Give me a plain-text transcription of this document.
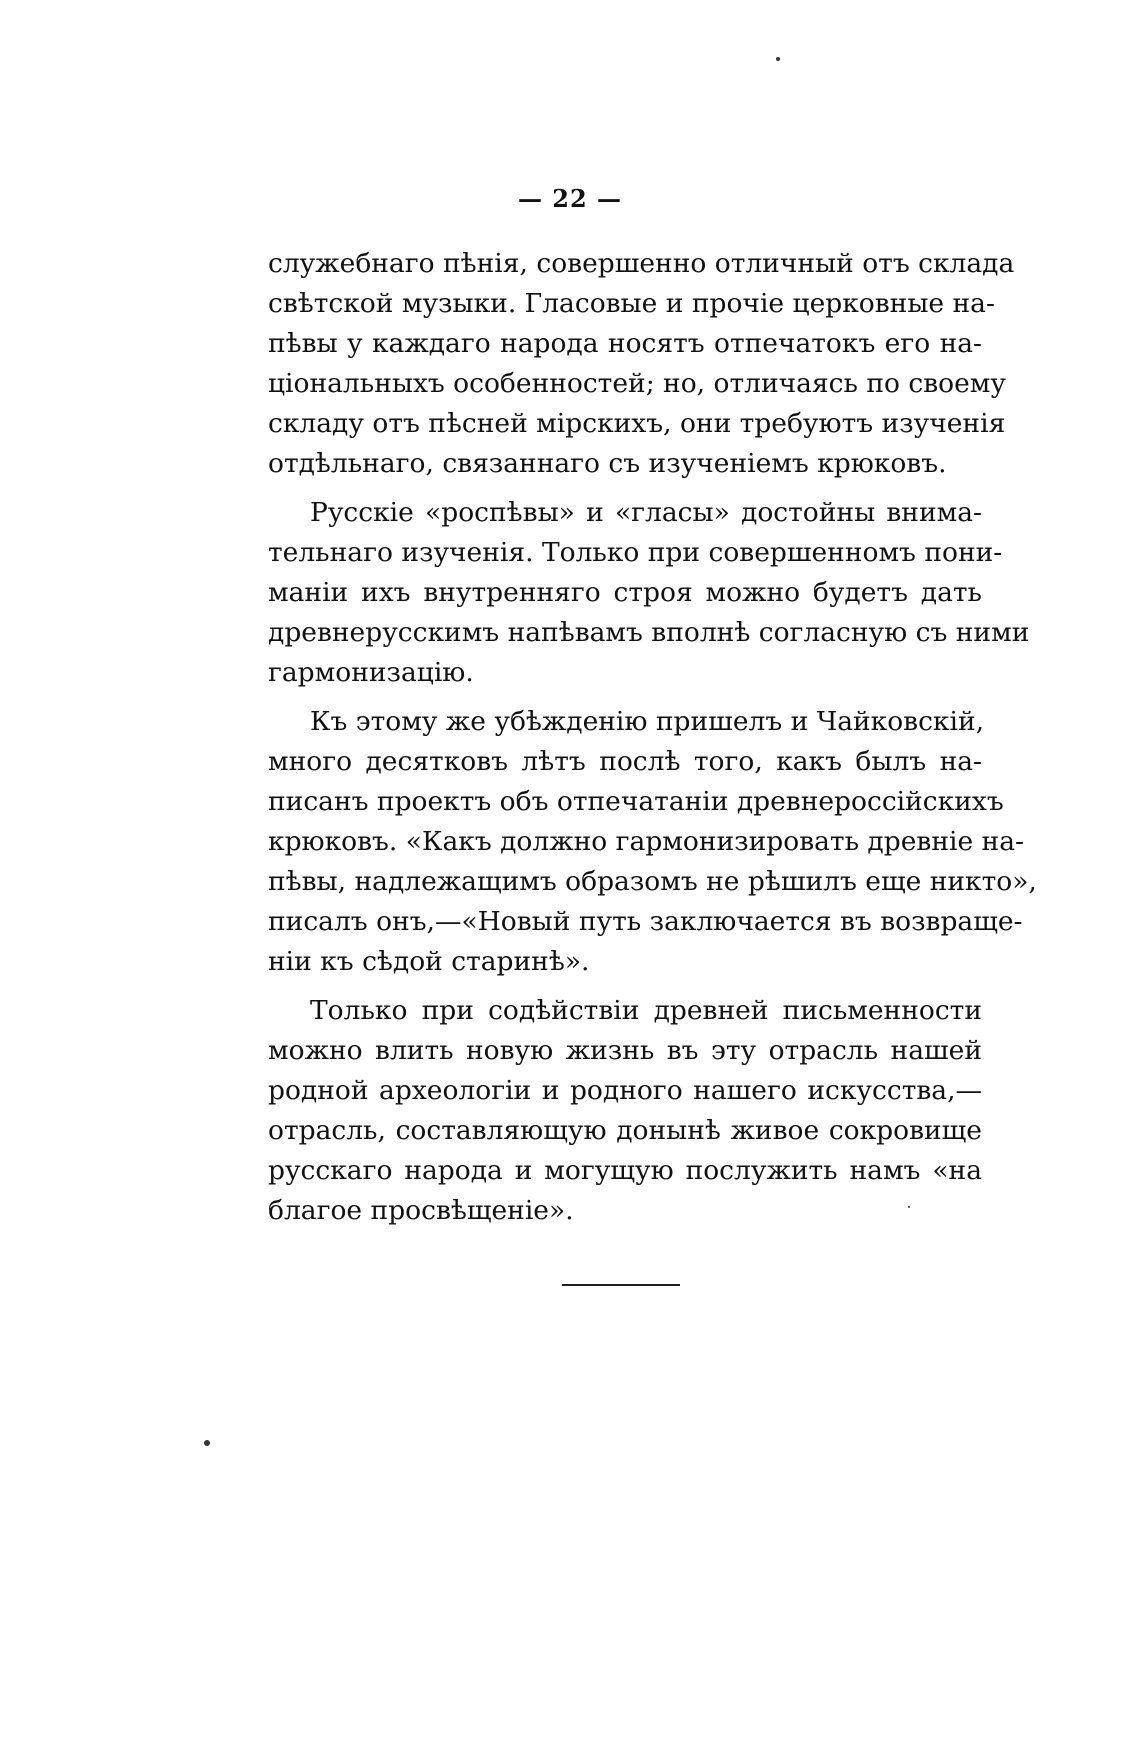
— 22 —
служебнаго пѣнія, совершенно отличный отъ склада
свѣтской музыки. Гласовые и прочіе церковные на-
пѣвы у каждаго народа носятъ отпечатокъ его на-
ціональныхъ особенностей; но, отличаясь по своему
складу отъ пѣсней мірскихъ, они требуютъ изученія
отдѣльнаго, связаннаго съ изученіемъ крюковъ.
Русскіе «роспѣвы» и «гласы» достойны внима-
тельнаго изученія. Только при совершенномъ пони-
маніи ихъ внутренняго строя можно будетъ дать
древнерусскимъ напѣвамъ вполнѣ согласную съ ними
гармонизацію.
Къ этому же убѣжденію пришелъ и Чайковскій,
много десятковъ лѣтъ послѣ того, какъ былъ на-
писанъ проектъ объ отпечатаніи древнероссійскихъ
крюковъ. «Какъ должно гармонизировать древніе на-
пѣвы, надлежащимъ образомъ не рѣшилъ еще никто»,
писалъ онъ,—«Новый путь заключается въ возвраще-
ніи къ сѣдой старинѣ».
Только при содѣйствіи древней письменности
можно влить новую жизнь въ эту отрасль нашей
родной археологіи и родного нашего искусства,—
отрасль, составляющую донынѣ живое сокровище
русскаго народа и могущую послужить намъ «на
благое просвѣщеніе».
